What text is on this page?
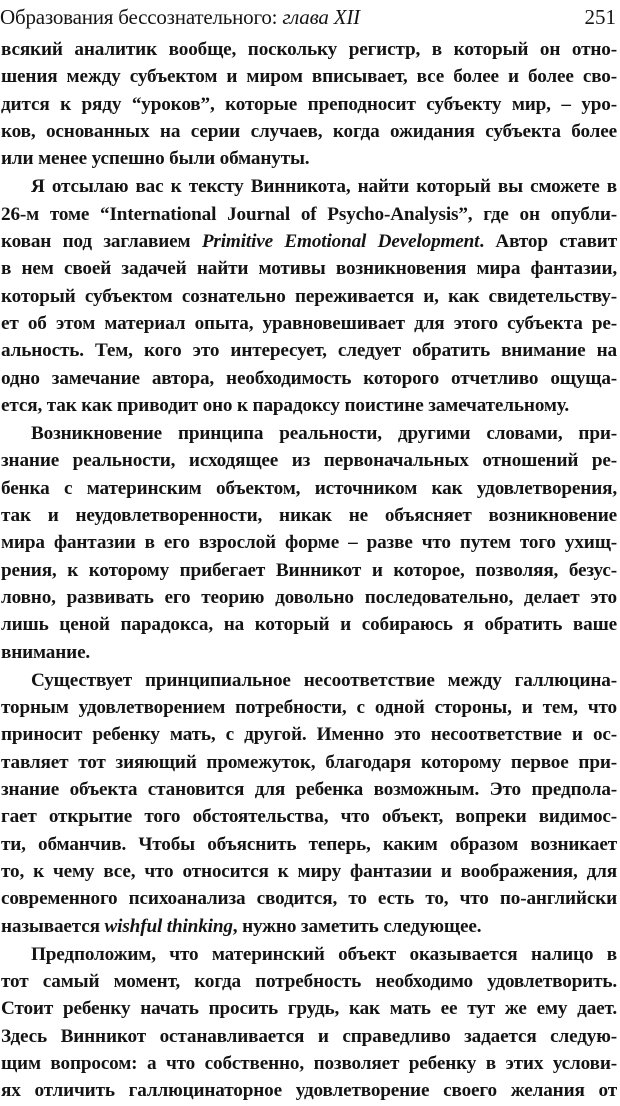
Образования бессознательного: глава XII	251
всякий аналитик вообще, поскольку регистр, в который он отно-
шения между субъектом и миром вписывает, все более и более сво-
дится к ряду “уроков”, которые преподносит субъекту мир, – уро-
ков, основанных на серии случаев, когда ожидания субъекта более
или менее успешно были обмануты.
Я отсылаю вас к тексту Винникота, найти который вы сможете в
26-м томе “International Journal of Psycho-Analysis”, где он опубли-
кован под заглавием Primitive Emotional Development. Автор ставит
в нем своей задачей найти мотивы возникновения мира фантазии,
который субъектом сознательно переживается и, как свидетельству-
ет об этом материал опыта, уравновешивает для этого субъекта ре-
альность. Тем, кого это интересует, следует обратить внимание на
одно замечание автора, необходимость которого отчетливо ощуща-
ется, так как приводит оно к парадоксу поистине замечательному.
Возникновение принципа реальности, другими словами, при-
знание реальности, исходящее из первоначальных отношений ре-
бенка с материнским объектом, источником как удовлетворения,
так и неудовлетворенности, никак не объясняет возникновение
мира фантазии в его взрослой форме – разве что путем того ухищ-
рения, к которому прибегает Винникот и которое, позволяя, безус-
ловно, развивать его теорию довольно последовательно, делает это
лишь ценой парадокса, на который и собираюсь я обратить ваше
внимание.
Существует принципиальное несоответствие между галлюцина-
торным удовлетворением потребности, с одной стороны, и тем, что
приносит ребенку мать, с другой. Именно это несоответствие и ос-
тавляет тот зияющий промежуток, благодаря которому первое при-
знание объекта становится для ребенка возможным. Это предпола-
гает открытие того обстоятельства, что объект, вопреки видимос-
ти, обманчив. Чтобы объяснить теперь, каким образом возникает
то, к чему все, что относится к миру фантазии и воображения, для
современного психоанализа сводится, то есть то, что по-английски
называется wishful thinking, нужно заметить следующее.
Предположим, что материнский объект оказывается налицо в
тот самый момент, когда потребность необходимо удовлетворить.
Стоит ребенку начать просить грудь, как мать ее тут же ему дает.
Здесь Винникот останавливается и справедливо задается следую-
щим вопросом: а что собственно, позволяет ребенку в этих услови-
ях отличить галлюцинаторное удовлетворение своего желания от
